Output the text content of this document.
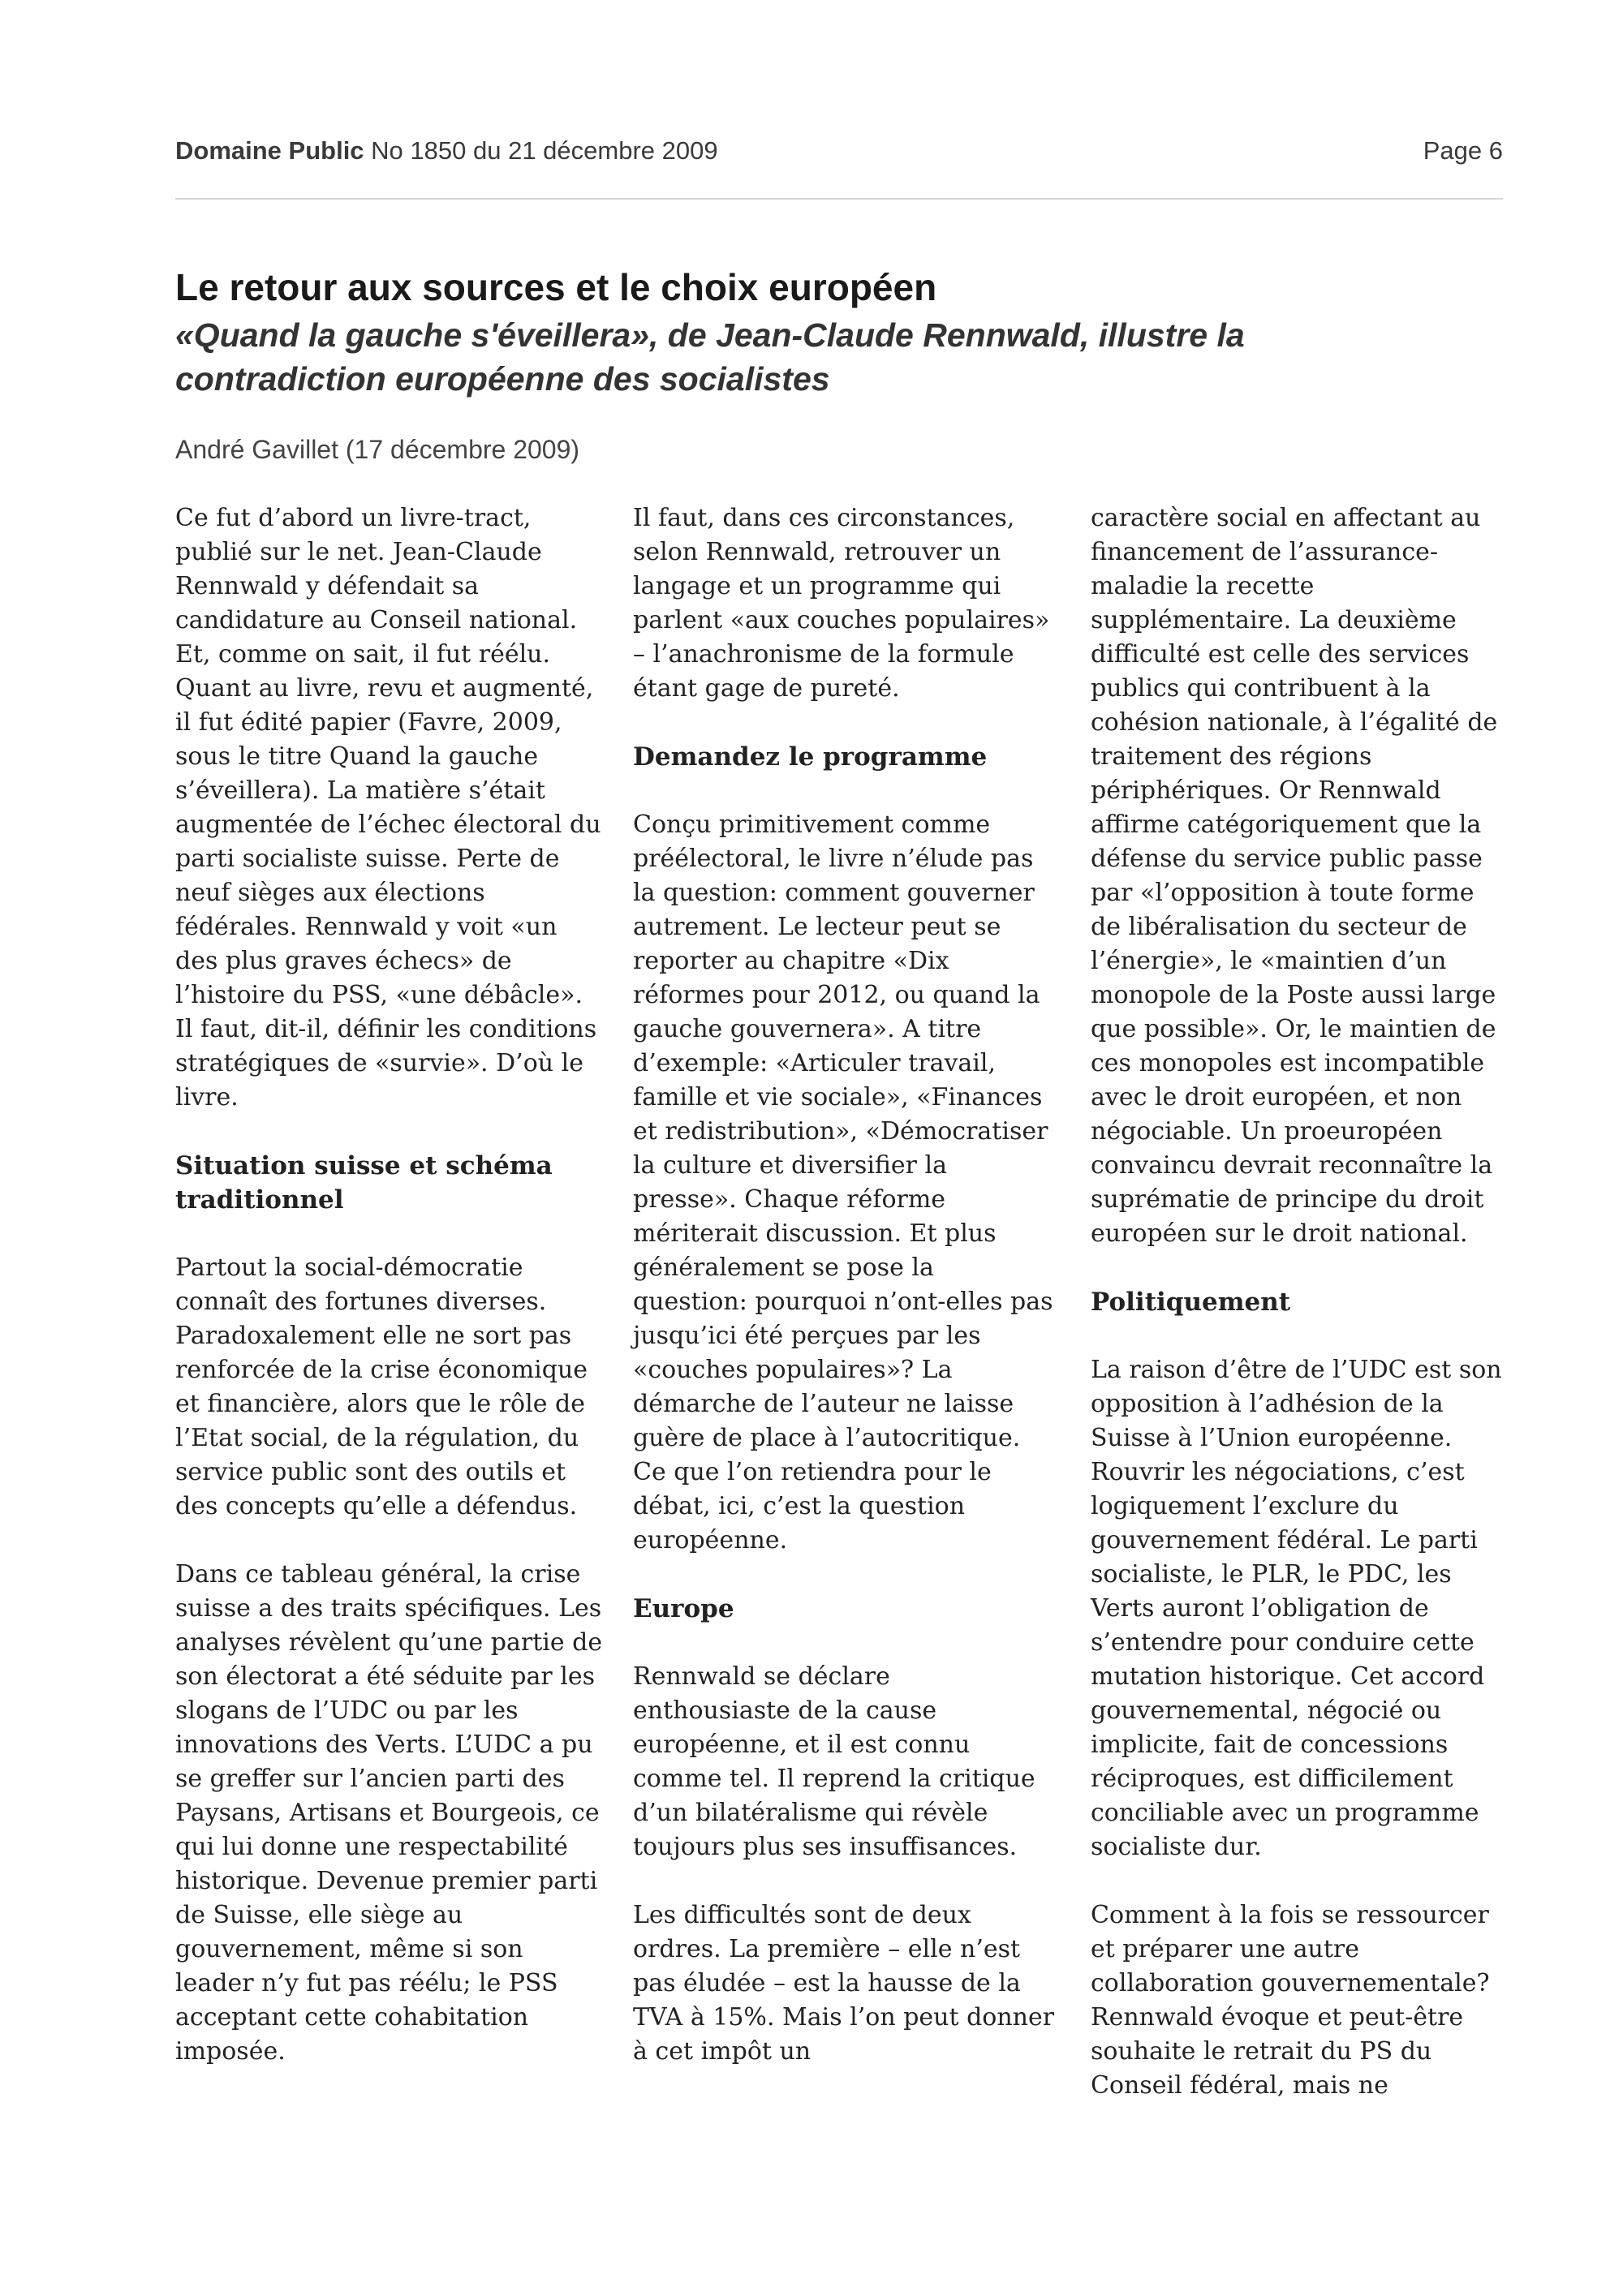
Domaine Public No 1850 du 21 décembre 2009	Page 6
Le retour aux sources et le choix européen
«Quand la gauche s'éveillera», de Jean-Claude Rennwald, illustre la contradiction européenne des socialistes
André Gavillet (17 décembre 2009)

Ce fut d’abord un livre-tract, publié sur le net. Jean-Claude Rennwald y défendait sa candidature au Conseil national. Et, comme on sait, il fut réélu. Quant au livre, revu et augmenté, il fut édité papier (Favre, 2009, sous le titre Quand la gauche s’éveillera). La matière s’était augmentée de l’échec électoral du parti socialiste suisse. Perte de neuf sièges aux élections fédérales. Rennwald y voit «un des plus graves échecs» de l’histoire du PSS, «une débâcle». Il faut, dit-il, définir les conditions stratégiques de «survie». D’où le livre.

Situation suisse et schéma traditionnel

Partout la social-démocratie connaît des fortunes diverses. Paradoxalement elle ne sort pas renforcée de la crise économique et financière, alors que le rôle de l’Etat social, de la régulation, du service public sont des outils et des concepts qu’elle a défendus.

Dans ce tableau général, la crise suisse a des traits spécifiques. Les analyses révèlent qu’une partie de son électorat a été séduite par les slogans de l’UDC ou par les innovations des Verts. L’UDC a pu se greffer sur l’ancien parti des Paysans, Artisans et Bourgeois, ce qui lui donne une respectabilité historique. Devenue premier parti de Suisse, elle siège au gouvernement, même si son leader n’y fut pas réélu; le PSS acceptant cette cohabitation imposée.

Il faut, dans ces circonstances, selon Rennwald, retrouver un langage et un programme qui parlent «aux couches populaires» – l’anachronisme de la formule étant gage de pureté.

Demandez le programme

Conçu primitivement comme préélectoral, le livre n’élude pas la question: comment gouverner autrement. Le lecteur peut se reporter au chapitre «Dix réformes pour 2012, ou quand la gauche gouvernera». A titre d’exemple: «Articuler travail, famille et vie sociale», «Finances et redistribution», «Démocratiser la culture et diversifier la presse». Chaque réforme mériterait discussion. Et plus généralement se pose la question: pourquoi n’ont-elles pas jusqu’ici été perçues par les «couches populaires»? La démarche de l’auteur ne laisse guère de place à l’autocritique. Ce que l’on retiendra pour le débat, ici, c’est la question européenne.

Europe

Rennwald se déclare enthousiaste de la cause européenne, et il est connu comme tel. Il reprend la critique d’un bilatéralisme qui révèle toujours plus ses insuffisances.

Les difficultés sont de deux ordres. La première – elle n’est pas éludée – est la hausse de la TVA à 15%. Mais l’on peut donner à cet impôt un

caractère social en affectant au financement de l’assurance-maladie la recette supplémentaire. La deuxième difficulté est celle des services publics qui contribuent à la cohésion nationale, à l’égalité de traitement des régions périphériques. Or Rennwald affirme catégoriquement que la défense du service public passe par «l’opposition à toute forme de libéralisation du secteur de l’énergie», le «maintien d’un monopole de la Poste aussi large que possible». Or, le maintien de ces monopoles est incompatible avec le droit européen, et non négociable. Un proeuropéen convaincu devrait reconnaître la suprématie de principe du droit européen sur le droit national.

Politiquement

La raison d’être de l’UDC est son opposition à l’adhésion de la Suisse à l’Union européenne. Rouvrir les négociations, c’est logiquement l’exclure du gouvernement fédéral. Le parti socialiste, le PLR, le PDC, les Verts auront l’obligation de s’entendre pour conduire cette mutation historique. Cet accord gouvernemental, négocié ou implicite, fait de concessions réciproques, est difficilement conciliable avec un programme socialiste dur.

Comment à la fois se ressourcer et préparer une autre collaboration gouvernementale? Rennwald évoque et peut-être souhaite le retrait du PS du Conseil fédéral, mais ne
